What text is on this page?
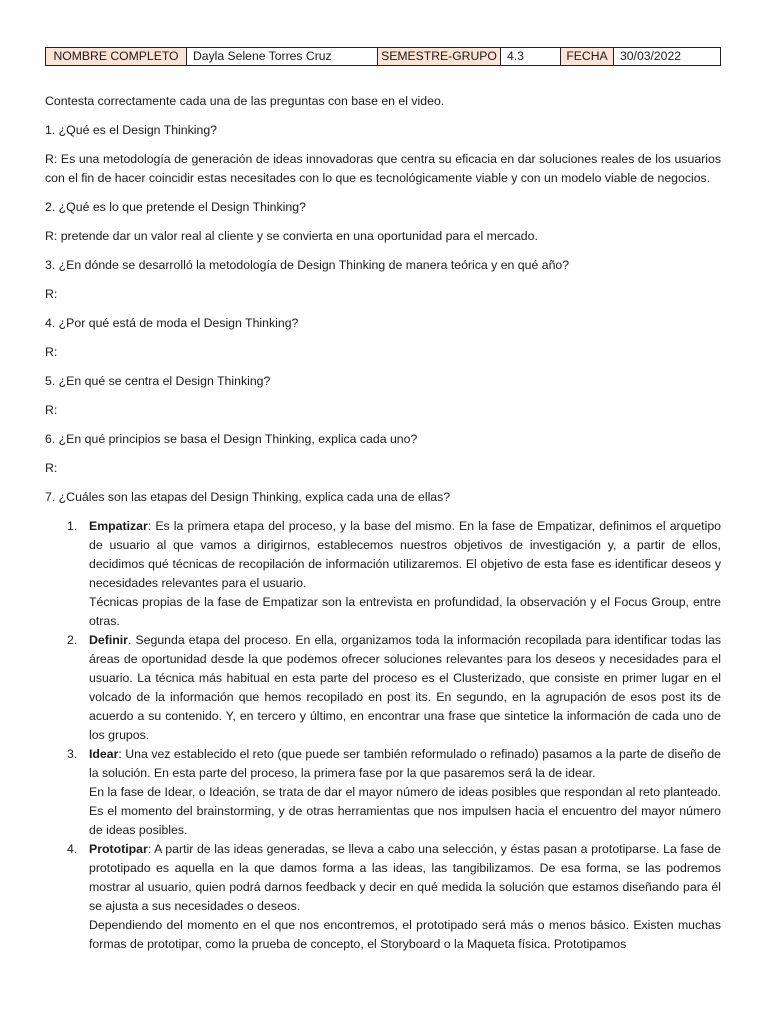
NOMBRE COMPLETO	Dayla Selene Torres Cruz	SEMESTRE-GRUPO	4.3	FECHA	30/03/2022

Contesta correctamente cada una de las preguntas con base en el video.

1. ¿Qué es el Design Thinking?

R: Es una metodología de generación de ideas innovadoras que centra su eficacia en dar soluciones reales de los usuarios con el fin de hacer coincidir estas necesitades con lo que es tecnológicamente viable y con un modelo viable de negocios.

2. ¿Qué es lo que pretende el Design Thinking?

R: pretende dar un valor real al cliente y se convierta en una oportunidad para el mercado.

3. ¿En dónde se desarrolló la metodología de Design Thinking de manera teórica y en qué año?

R:

4. ¿Por qué está de moda el Design Thinking?

R:

5. ¿En qué se centra el Design Thinking?

R:

6. ¿En qué principios se basa el Design Thinking, explica cada uno?

R:

7. ¿Cuáles son las etapas del Design Thinking, explica cada una de ellas?

1. Empatizar: Es la primera etapa del proceso, y la base del mismo. En la fase de Empatizar, definimos el arquetipo de usuario al que vamos a dirigirnos, establecemos nuestros objetivos de investigación y, a partir de ellos, decidimos qué técnicas de recopilación de información utilizaremos. El objetivo de esta fase es identificar deseos y necesidades relevantes para el usuario.
Técnicas propias de la fase de Empatizar son la entrevista en profundidad, la observación y el Focus Group, entre otras.
2. Definir. Segunda etapa del proceso. En ella, organizamos toda la información recopilada para identificar todas las áreas de oportunidad desde la que podemos ofrecer soluciones relevantes para los deseos y necesidades para el usuario. La técnica más habitual en esta parte del proceso es el Clusterizado, que consiste en primer lugar en el volcado de la información que hemos recopilado en post its. En segundo, en la agrupación de esos post its de acuerdo a su contenido. Y, en tercero y último, en encontrar una frase que sintetice la información de cada uno de los grupos.
3. Idear: Una vez establecido el reto (que puede ser también reformulado o refinado) pasamos a la parte de diseño de la solución. En esta parte del proceso, la primera fase por la que pasaremos será la de idear.
En la fase de Idear, o Ideación, se trata de dar el mayor número de ideas posibles que respondan al reto planteado. Es el momento del brainstorming, y de otras herramientas que nos impulsen hacia el encuentro del mayor número de ideas posibles.
4. Prototipar: A partir de las ideas generadas, se lleva a cabo una selección, y éstas pasan a prototiparse. La fase de prototipado es aquella en la que damos forma a las ideas, las tangibilizamos. De esa forma, se las podremos mostrar al usuario, quien podrá darnos feedback y decir en qué medida la solución que estamos diseñando para él se ajusta a sus necesidades o deseos.
Dependiendo del momento en el que nos encontremos, el prototipado será más o menos básico. Existen muchas formas de prototipar, como la prueba de concepto, el Storyboard o la Maqueta física. Prototipamos
